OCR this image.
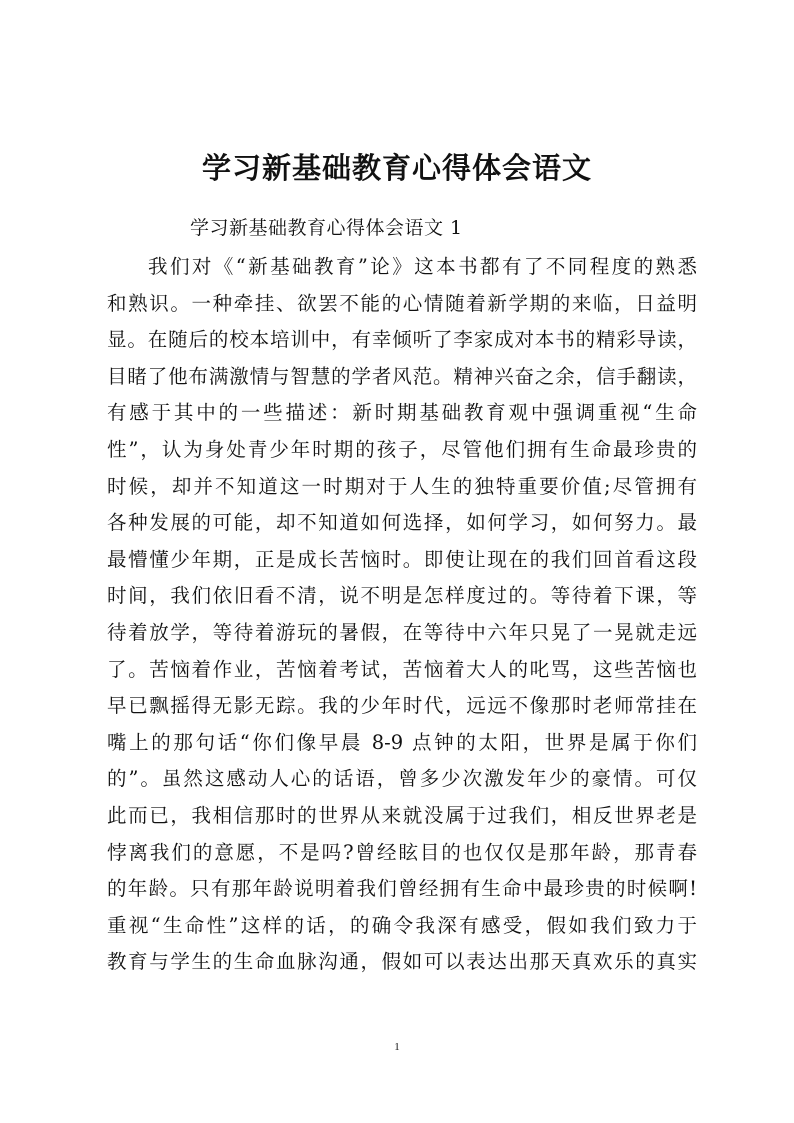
学习新基础教育心得体会语文
学习新基础教育心得体会语文 1
我们对《“新基础教育”论》这本书都有了不同程度的熟悉
和熟识。一种牵挂、欲罢不能的心情随着新学期的来临，日益明
显。在随后的校本培训中，有幸倾听了李家成对本书的精彩导读，
目睹了他布满激情与智慧的学者风范。精神兴奋之余，信手翻读，
有感于其中的一些描述：新时期基础教育观中强调重视“生命
性”，认为身处青少年时期的孩子，尽管他们拥有生命最珍贵的
时候，却并不知道这一时期对于人生的独特重要价值;尽管拥有
各种发展的可能，却不知道如何选择，如何学习，如何努力。最
最懵懂少年期，正是成长苦恼时。即使让现在的我们回首看这段
时间，我们依旧看不清，说不明是怎样度过的。等待着下课，等
待着放学，等待着游玩的暑假，在等待中六年只晃了一晃就走远
了。苦恼着作业，苦恼着考试，苦恼着大人的叱骂，这些苦恼也
早已飘摇得无影无踪。我的少年时代，远远不像那时老师常挂在
嘴上的那句话“你们像早晨 8-9 点钟的太阳，世界是属于你们
的”。虽然这感动人心的话语，曾多少次激发年少的豪情。可仅
此而已，我相信那时的世界从来就没属于过我们，相反世界老是
悖离我们的意愿，不是吗?曾经眩目的也仅仅是那年龄，那青春
的年龄。只有那年龄说明着我们曾经拥有生命中最珍贵的时候啊!
重视“生命性”这样的话，的确令我深有感受，假如我们致力于
教育与学生的生命血脉沟通，假如可以表达出那天真欢乐的真实
1
